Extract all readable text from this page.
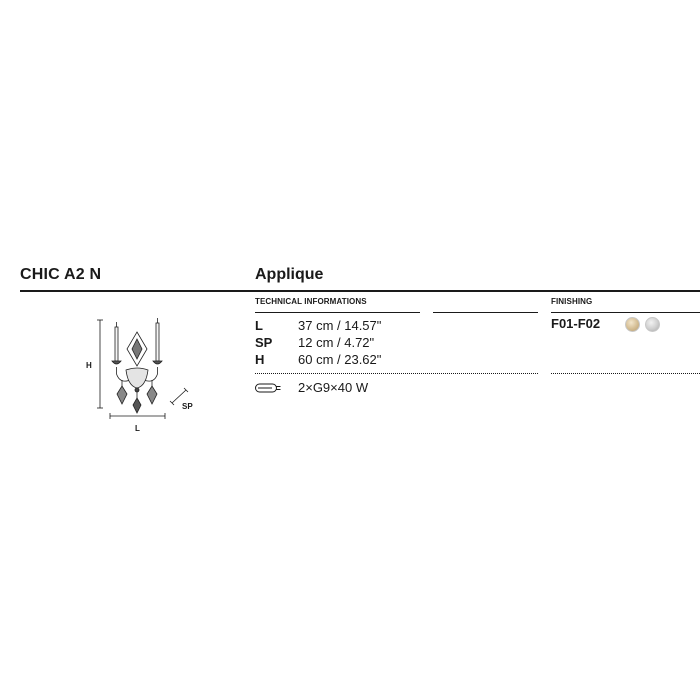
CHIC A2 N	Applique
TECHNICAL INFORMATIONS	FINISHING
L	37 cm / 14.57"
SP	12 cm / 4.72"
H	60 cm / 23.62"
2×G9×40 W
F01-F02
H
L
SP
